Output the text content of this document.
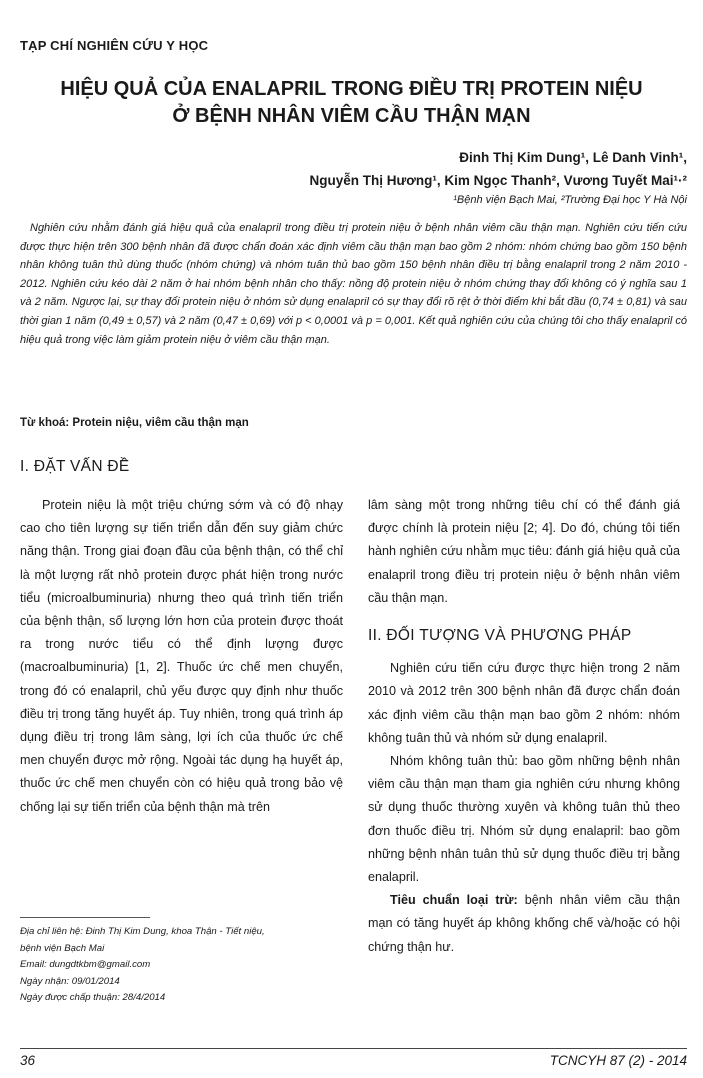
TẠP CHÍ NGHIÊN CỨU Y HỌC
HIỆU QUẢ CỦA ENALAPRIL TRONG ĐIỀU TRỊ PROTEIN NIỆU
Ở BỆNH NHÂN VIÊM CẦU THẬN MẠN
Đinh Thị Kim Dung¹, Lê Danh Vinh¹,
Nguyễn Thị Hương¹, Kim Ngọc Thanh², Vương Tuyết Mai¹·²
¹Bệnh viện Bạch Mai, ²Trường Đại học Y Hà Nội
Nghiên cứu nhằm đánh giá hiệu quả của enalapril trong điều trị protein niệu ở bệnh nhân viêm cầu thận mạn. Nghiên cứu tiến cứu được thực hiện trên 300 bệnh nhân đã được chẩn đoán xác định viêm cầu thận mạn bao gồm 2 nhóm: nhóm chứng bao gồm 150 bệnh nhân không tuân thủ dùng thuốc (nhóm chứng) và nhóm tuân thủ bao gồm 150 bệnh nhân điều trị bằng enalapril trong 2 năm 2010 - 2012. Nghiên cứu kéo dài 2 năm ở hai nhóm bệnh nhân cho thấy: nồng độ protein niệu ở nhóm chứng thay đổi không có ý nghĩa sau 1 và 2 năm. Ngược lại, sự thay đổi protein niệu ở nhóm sử dụng enalapril có sự thay đổi rõ rệt ở thời điểm khi bắt đầu (0,74 ± 0,81) và sau thời gian 1 năm (0,49 ± 0,57) và 2 năm (0,47 ± 0,69) với p < 0,0001 và p = 0,001. Kết quả nghiên cứu của chúng tôi cho thấy enalapril có hiệu quả trong việc làm giảm protein niệu ở viêm cầu thận mạn.
Từ khoá: Protein niệu, viêm cầu thận mạn
I. ĐẶT VẤN ĐỀ

Protein niệu là một triệu chứng sớm và có độ nhạy cao cho tiên lượng sự tiến triển dẫn đến suy giảm chức năng thận. Trong giai đoạn đầu của bệnh thận, có thể chỉ là một lượng rất nhỏ protein được phát hiện trong nước tiểu (microalbuminuria) nhưng theo quá trình tiến triển của bệnh thận, số lượng lớn hơn của protein được thoát ra trong nước tiểu có thể định lượng được (macroalbuminuria) [1, 2]. Thuốc ức chế men chuyển, trong đó có enalapril, chủ yếu được quy định như thuốc điều trị trong tăng huyết áp. Tuy nhiên, trong quá trình áp dụng điều trị trong lâm sàng, lợi ích của thuốc ức chế men chuyển được mở rộng. Ngoài tác dụng hạ huyết áp, thuốc ức chế men chuyển còn có hiệu quả trong bảo vệ chống lại sự tiến triển của bệnh thận mà trên

lâm sàng một trong những tiêu chí có thể đánh giá được chính là protein niệu [2; 4]. Do đó, chúng tôi tiến hành nghiên cứu nhằm mục tiêu: đánh giá hiệu quả của enalapril trong điều trị protein niệu ở bệnh nhân viêm cầu thận mạn.

II. ĐỐI TƯỢNG VÀ PHƯƠNG PHÁP

Nghiên cứu tiến cứu được thực hiện trong 2 năm 2010 và 2012 trên 300 bệnh nhân đã được chẩn đoán xác định viêm cầu thận mạn bao gồm 2 nhóm: nhóm không tuân thủ và nhóm sử dụng enalapril.

Nhóm không tuân thủ: bao gồm những bệnh nhân viêm cầu thận mạn tham gia nghiên cứu nhưng không sử dụng thuốc thường xuyên và không tuân thủ theo đơn thuốc điều trị. Nhóm sử dụng enalapril: bao gồm những bệnh nhân tuân thủ sử dụng thuốc điều trị bằng enalapril.

Tiêu chuẩn loại trừ: bệnh nhân viêm cầu thận mạn có tăng huyết áp không khống chế và/hoặc có hội chứng thận hư.

Địa chỉ liên hệ: Đinh Thị Kim Dung, khoa Thận - Tiết niệu,
bệnh viện Bạch Mai
Email: dungdtkbm@gmail.com
Ngày nhận: 09/01/2014
Ngày được chấp thuận: 28/4/2014
36	TCNCYH 87 (2) - 2014
